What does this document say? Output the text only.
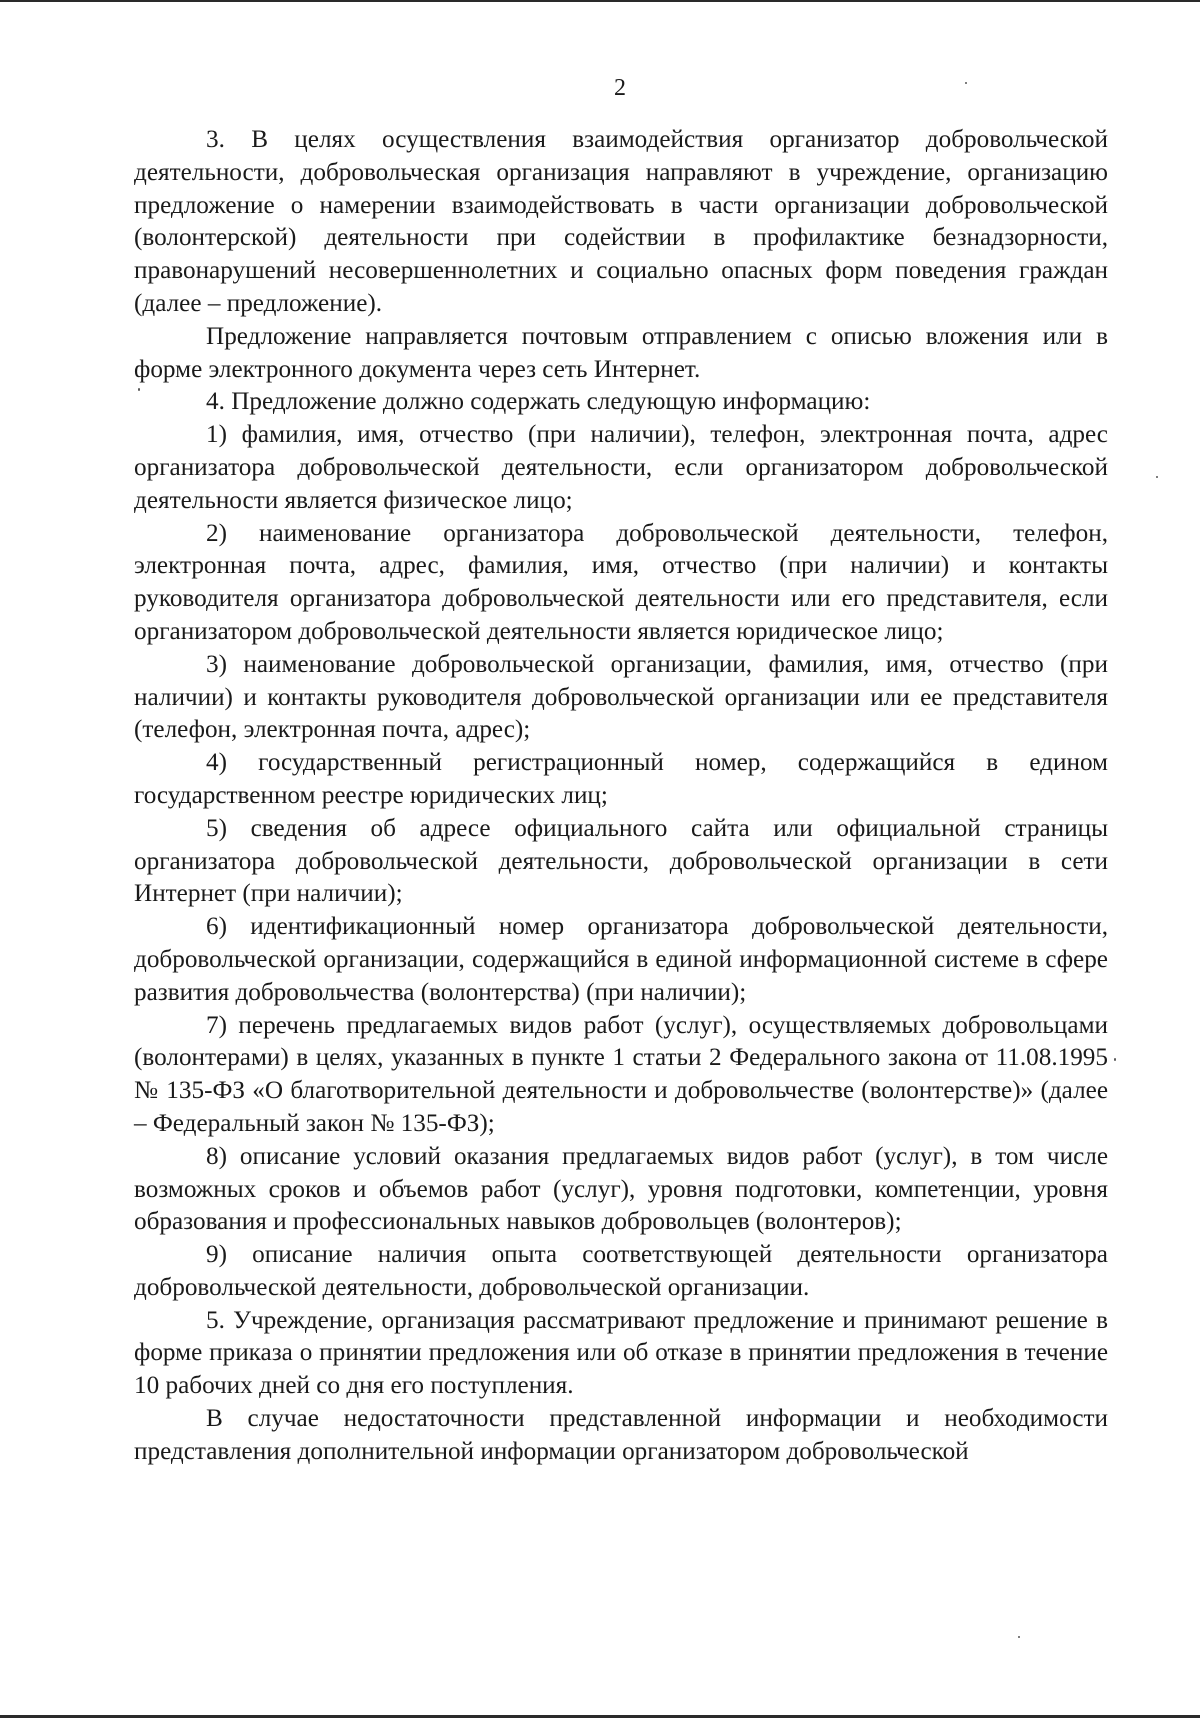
2

3. В целях осуществления взаимодействия организатор добровольческой деятельности, добровольческая организация направляют в учреждение, организацию предложение о намерении взаимодействовать в части организации добровольческой (волонтерской) деятельности при содействии в профилактике безнадзорности, правонарушений несовершеннолетних и социально опасных форм поведения граждан (далее – предложение).

Предложение направляется почтовым отправлением с описью вложения или в форме электронного документа через сеть Интернет.

4. Предложение должно содержать следующую информацию:

1) фамилия, имя, отчество (при наличии), телефон, электронная почта, адрес организатора добровольческой деятельности, если организатором добровольческой деятельности является физическое лицо;

2) наименование организатора добровольческой деятельности, телефон, электронная почта, адрес, фамилия, имя, отчество (при наличии) и контакты руководителя организатора добровольческой деятельности или его представителя, если организатором добровольческой деятельности является юридическое лицо;

3) наименование добровольческой организации, фамилия, имя, отчество (при наличии) и контакты руководителя добровольческой организации или ее представителя (телефон, электронная почта, адрес);

4) государственный регистрационный номер, содержащийся в едином государственном реестре юридических лиц;

5) сведения об адресе официального сайта или официальной страницы организатора добровольческой деятельности, добровольческой организации в сети Интернет (при наличии);

6) идентификационный номер организатора добровольческой деятельности, добровольческой организации, содержащийся в единой информационной системе в сфере развития добровольчества (волонтерства) (при наличии);

7) перечень предлагаемых видов работ (услуг), осуществляемых добровольцами (волонтерами) в целях, указанных в пункте 1 статьи 2 Федерального закона от 11.08.1995 № 135-ФЗ «О благотворительной деятельности и добровольчестве (волонтерстве)» (далее – Федеральный закон № 135-ФЗ);

8) описание условий оказания предлагаемых видов работ (услуг), в том числе возможных сроков и объемов работ (услуг), уровня подготовки, компетенции, уровня образования и профессиональных навыков добровольцев (волонтеров);

9) описание наличия опыта соответствующей деятельности организатора добровольческой деятельности, добровольческой организации.

5. Учреждение, организация рассматривают предложение и принимают решение в форме приказа о принятии предложения или об отказе в принятии предложения в течение 10 рабочих дней со дня его поступления.

В случае недостаточности представленной информации и необходимости представления дополнительной информации организатором добровольческой
